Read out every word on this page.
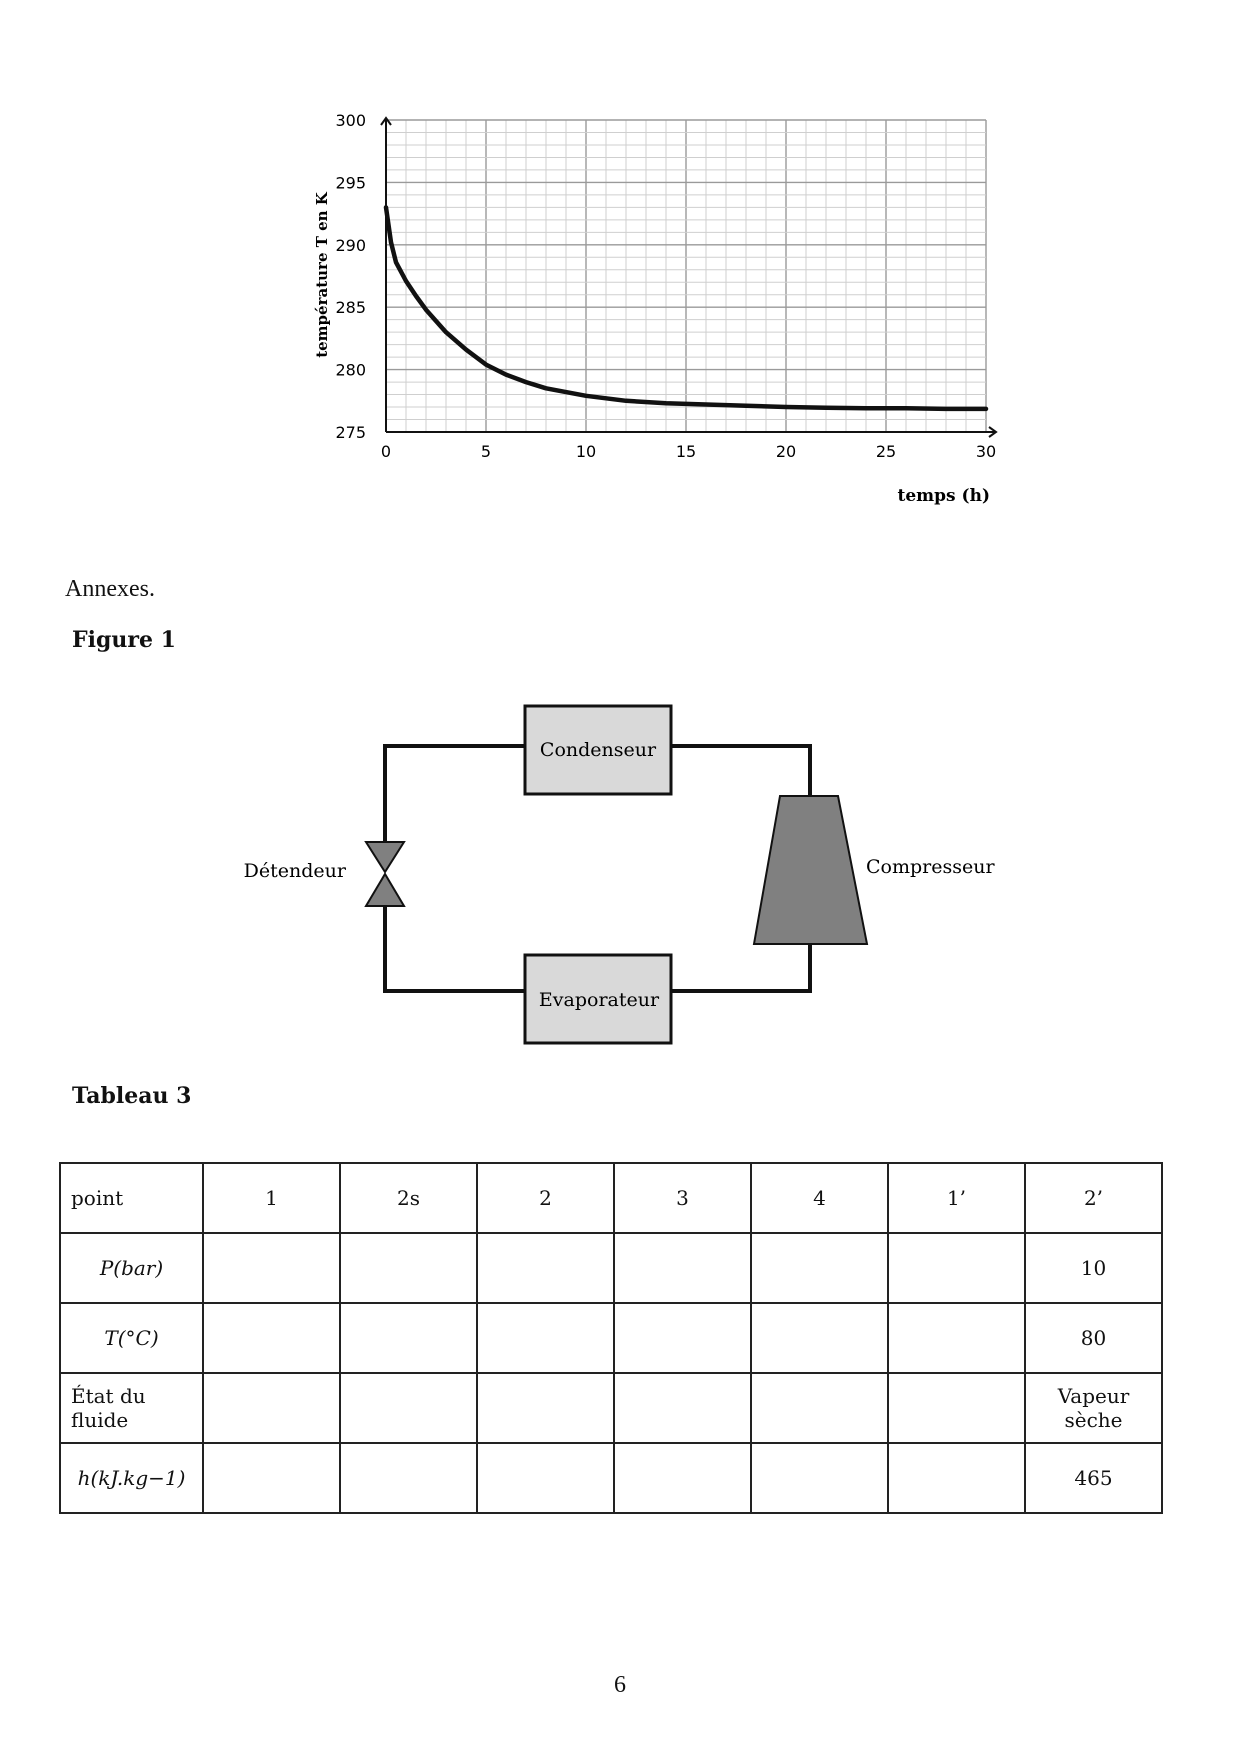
0	5	10	15	20	25	30
275
280
285
290
295
300
température T en K
temps (h)
Annexes.
Figure 1
Condenseur
Evaporateur
Détendeur	Compresseur
Tableau 3
point	1	2s	2	3	4	1’	2’
P(bar)							10
T(°C)							80
État du fluide							Vapeur sèche
h(kJ.kg−1)							465
6
